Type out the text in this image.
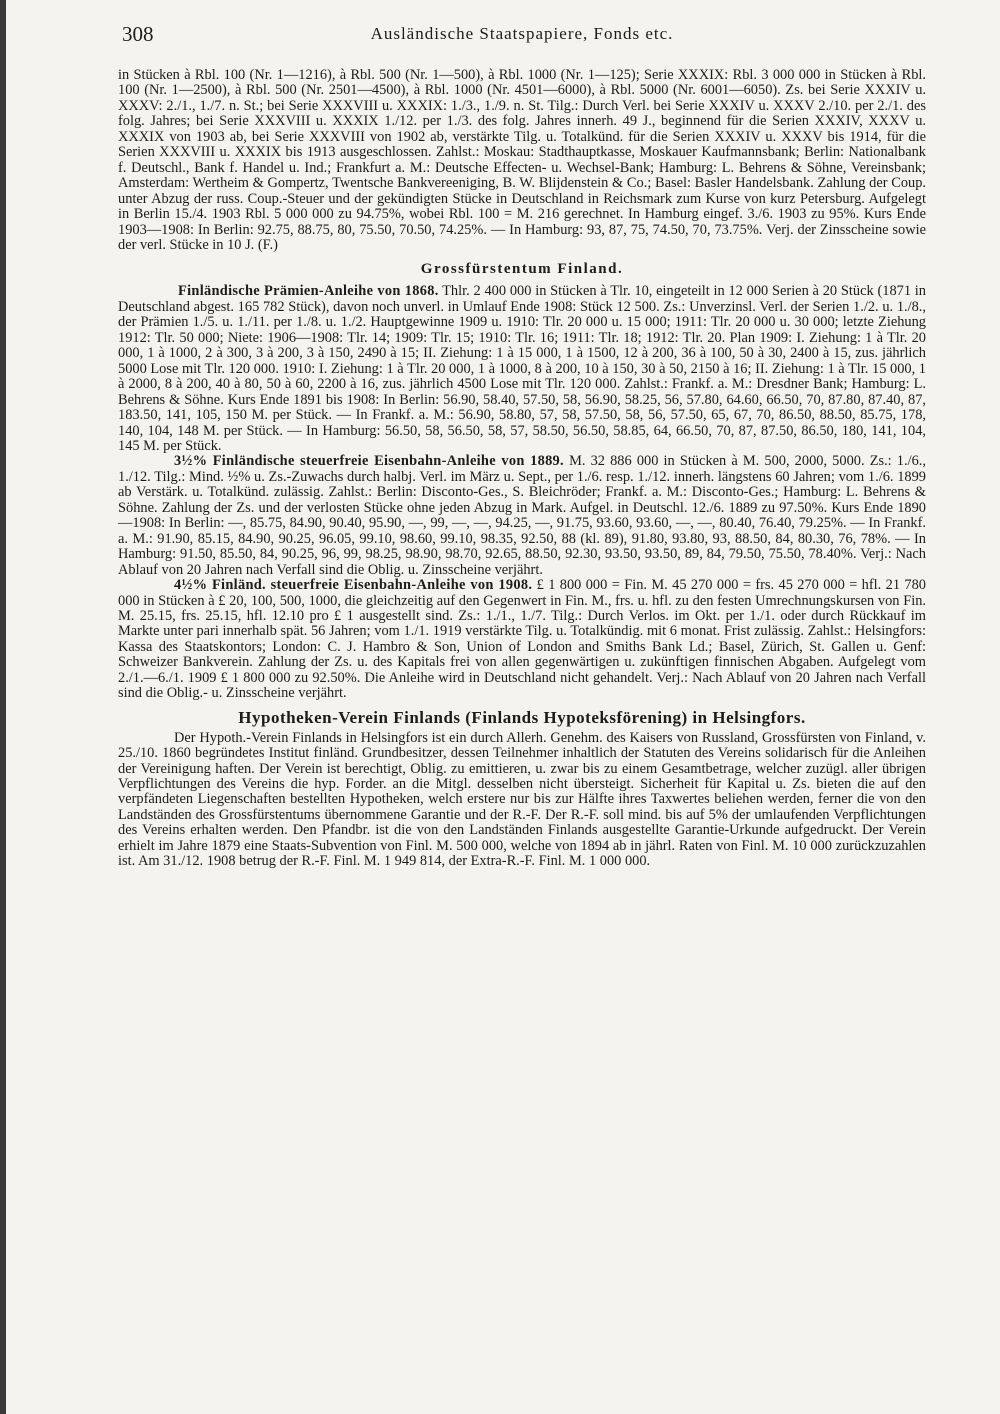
308	Ausländische Staatspapiere, Fonds etc.

in Stücken à Rbl. 100 (Nr. 1—1216), à Rbl. 500 (Nr. 1—500), à Rbl. 1000 (Nr. 1—125); Serie XXXIX: Rbl. 3 000 000 in Stücken à Rbl. 100 (Nr. 1—2500), à Rbl. 500 (Nr. 2501—4500), à Rbl. 1000 (Nr. 4501—6000), à Rbl. 5000 (Nr. 6001—6050). Zs. bei Serie XXXIV u. XXXV: 2./1., 1./7. n. St.; bei Serie XXXVIII u. XXXIX: 1./3., 1./9. n. St. Tilg.: Durch Verl. bei Serie XXXIV u. XXXV 2./10. per 2./1. des folg. Jahres; bei Serie XXXVIII u. XXXIX 1./12. per 1./3. des folg. Jahres innerh. 49 J., beginnend für die Serien XXXIV, XXXV u. XXXIX von 1903 ab, bei Serie XXXVIII von 1902 ab, verstärkte Tilg. u. Totalkünd. für die Serien XXXIV u. XXXV bis 1914, für die Serien XXXVIII u. XXXIX bis 1913 ausgeschlossen. Zahlst.: Moskau: Stadthauptkasse, Moskauer Kaufmannsbank; Berlin: Nationalbank f. Deutschl., Bank f. Handel u. Ind.; Frankfurt a. M.: Deutsche Effecten- u. Wechsel-Bank; Hamburg: L. Behrens & Söhne, Vereinsbank; Amsterdam: Wertheim & Gompertz, Twentsche Bankvereeniging, B. W. Blijdenstein & Co.; Basel: Basler Handelsbank. Zahlung der Coup. unter Abzug der russ. Coup.-Steuer und der gekündigten Stücke in Deutschland in Reichsmark zum Kurse von kurz Petersburg. Aufgelegt in Berlin 15./4. 1903 Rbl. 5 000 000 zu 94.75%, wobei Rbl. 100 = M. 216 gerechnet. In Hamburg eingef. 3./6. 1903 zu 95%. Kurs Ende 1903—1908: In Berlin: 92.75, 88.75, 80, 75.50, 70.50, 74.25%. — In Hamburg: 93, 87, 75, 74.50, 70, 73.75%. Verj. der Zinsscheine sowie der verl. Stücke in 10 J. (F.)

Grossfürstentum Finland.

Finländische Prämien-Anleihe von 1868. Thlr. 2 400 000 in Stücken à Tlr. 10, eingeteilt in 12 000 Serien à 20 Stück (1871 in Deutschland abgest. 165 782 Stück), davon noch unverl. in Umlauf Ende 1908: Stück 12 500. Zs.: Unverzinsl. Verl. der Serien 1./2. u. 1./8., der Prämien 1./5. u. 1./11. per 1./8. u. 1./2. Hauptgewinne 1909 u. 1910: Tlr. 20 000 u. 15 000; 1911: Tlr. 20 000 u. 30 000; letzte Ziehung 1912: Tlr. 50 000; Niete: 1906—1908: Tlr. 14; 1909: Tlr. 15; 1910: Tlr. 16; 1911: Tlr. 18; 1912: Tlr. 20. Plan 1909: I. Ziehung: 1 à Tlr. 20 000, 1 à 1000, 2 à 300, 3 à 200, 3 à 150, 2490 à 15; II. Ziehung: 1 à 15 000, 1 à 1500, 12 à 200, 36 à 100, 50 à 30, 2400 à 15, zus. jährlich 5000 Lose mit Tlr. 120 000. 1910: I. Ziehung: 1 à Tlr. 20 000, 1 à 1000, 8 à 200, 10 à 150, 30 à 50, 2150 à 16; II. Ziehung: 1 à Tlr. 15 000, 1 à 2000, 8 à 200, 40 à 80, 50 à 60, 2200 à 16, zus. jährlich 4500 Lose mit Tlr. 120 000. Zahlst.: Frankf. a. M.: Dresdner Bank; Hamburg: L. Behrens & Söhne. Kurs Ende 1891 bis 1908: In Berlin: 56.90, 58.40, 57.50, 58, 56.90, 58.25, 56, 57.80, 64.60, 66.50, 70, 87.80, 87.40, 87, 183.50, 141, 105, 150 M. per Stück. — In Frankf. a. M.: 56.90, 58.80, 57, 58, 57.50, 58, 56, 57.50, 65, 67, 70, 86.50, 88.50, 85.75, 178, 140, 104, 148 M. per Stück. — In Hamburg: 56.50, 58, 56.50, 58, 57, 58.50, 56.50, 58.85, 64, 66.50, 70, 87, 87.50, 86.50, 180, 141, 104, 145 M. per Stück.

3½% Finländische steuerfreie Eisenbahn-Anleihe von 1889. M. 32 886 000 in Stücken à M. 500, 2000, 5000. Zs.: 1./6., 1./12. Tilg.: Mind. ½% u. Zs.-Zuwachs durch halbj. Verl. im März u. Sept., per 1./6. resp. 1./12. innerh. längstens 60 Jahren; vom 1./6. 1899 ab Verstärk. u. Totalkünd. zulässig. Zahlst.: Berlin: Disconto-Ges., S. Bleichröder; Frankf. a. M.: Disconto-Ges.; Hamburg: L. Behrens & Söhne. Zahlung der Zs. und der verlosten Stücke ohne jeden Abzug in Mark. Aufgel. in Deutschl. 12./6. 1889 zu 97.50%. Kurs Ende 1890—1908: In Berlin: —, 85.75, 84.90, 90.40, 95.90, —, 99, —, —, 94.25, —, 91.75, 93.60, 93.60, —, —, 80.40, 76.40, 79.25%. — In Frankf. a. M.: 91.90, 85.15, 84.90, 90.25, 96.05, 99.10, 98.60, 99.10, 98.35, 92.50, 88 (kl. 89), 91.80, 93.80, 93, 88.50, 84, 80.30, 76, 78%. — In Hamburg: 91.50, 85.50, 84, 90.25, 96, 99, 98.25, 98.90, 98.70, 92.65, 88.50, 92.30, 93.50, 93.50, 89, 84, 79.50, 75.50, 78.40%. Verj.: Nach Ablauf von 20 Jahren nach Verfall sind die Oblig. u. Zinsscheine verjährt.

4½% Finländ. steuerfreie Eisenbahn-Anleihe von 1908. £ 1 800 000 = Fin. M. 45 270 000 = frs. 45 270 000 = hfl. 21 780 000 in Stücken à £ 20, 100, 500, 1000, die gleichzeitig auf den Gegenwert in Fin. M., frs. u. hfl. zu den festen Umrechnungskursen von Fin. M. 25.15, frs. 25.15, hfl. 12.10 pro £ 1 ausgestellt sind. Zs.: 1./1., 1./7. Tilg.: Durch Verlos. im Okt. per 1./1. oder durch Rückkauf im Markte unter pari innerhalb spät. 56 Jahren; vom 1./1. 1919 verstärkte Tilg. u. Totalkündig. mit 6 monat. Frist zulässig. Zahlst.: Helsingfors: Kassa des Staatskontors; London: C. J. Hambro & Son, Union of London and Smiths Bank Ld.; Basel, Zürich, St. Gallen u. Genf: Schweizer Bankverein. Zahlung der Zs. u. des Kapitals frei von allen gegenwärtigen u. zukünftigen finnischen Abgaben. Aufgelegt vom 2./1.—6./1. 1909 £ 1 800 000 zu 92.50%. Die Anleihe wird in Deutschland nicht gehandelt. Verj.: Nach Ablauf von 20 Jahren nach Verfall sind die Oblig.- u. Zinsscheine verjährt.

Hypotheken-Verein Finlands (Finlands Hypoteksförening) in Helsingfors.

Der Hypoth.-Verein Finlands in Helsingfors ist ein durch Allerh. Genehm. des Kaisers von Russland, Grossfürsten von Finland, v. 25./10. 1860 begründetes Institut finländ. Grundbesitzer, dessen Teilnehmer inhaltlich der Statuten des Vereins solidarisch für die Anleihen der Vereinigung haften. Der Verein ist berechtigt, Oblig. zu emittieren, u. zwar bis zu einem Gesamtbetrage, welcher zuzügl. aller übrigen Verpflichtungen des Vereins die hyp. Forder. an die Mitgl. desselben nicht übersteigt. Sicherheit für Kapital u. Zs. bieten die auf den verpfändeten Liegenschaften bestellten Hypotheken, welch erstere nur bis zur Hälfte ihres Taxwertes beliehen werden, ferner die von den Landständen des Grossfürstentums übernommene Garantie und der R.-F. Der R.-F. soll mind. bis auf 5% der umlaufenden Verpflichtungen des Vereins erhalten werden. Den Pfandbr. ist die von den Landständen Finlands ausgestellte Garantie-Urkunde aufgedruckt. Der Verein erhielt im Jahre 1879 eine Staats-Subvention von Finl. M. 500 000, welche von 1894 ab in jährl. Raten von Finl. M. 10 000 zurückzuzahlen ist. Am 31./12. 1908 betrug der R.-F. Finl. M. 1 949 814, der Extra-R.-F. Finl. M. 1 000 000.
